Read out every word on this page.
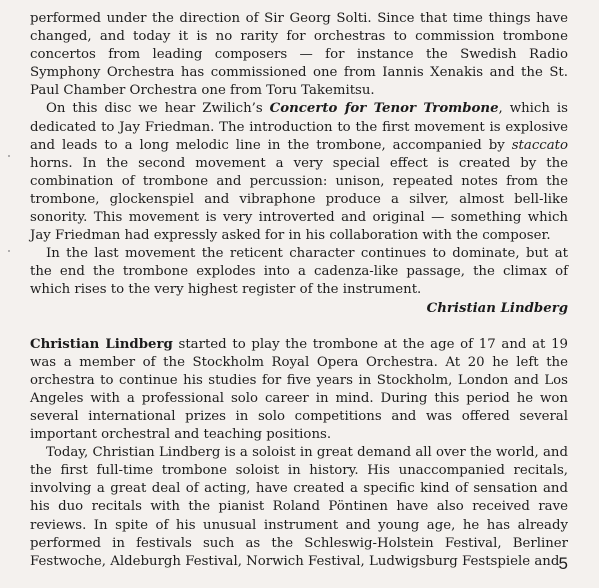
performed under the direction of Sir Georg Solti. Since that time things have changed, and today it is no rarity for orchestras to commission trombone concertos from leading composers — for instance the Swedish Radio Symphony Orchestra has commissioned one from Iannis Xenakis and the St. Paul Chamber Orchestra one from Toru Takemitsu.

On this disc we hear Zwilich’s Concerto for Tenor Trombone, which is dedicated to Jay Friedman. The introduction to the first movement is explosive and leads to a long melodic line in the trombone, accompanied by staccato horns. In the second movement a very special effect is created by the combination of trombone and percussion: unison, repeated notes from the trombone, glockenspiel and vibraphone produce a silver, almost bell-like sonority. This movement is very introverted and original — something which Jay Friedman had expressly asked for in his collaboration with the composer.

In the last movement the reticent character continues to dominate, but at the end the trombone explodes into a cadenza-like passage, the climax of which rises to the very highest register of the instrument.

Christian Lindberg

Christian Lindberg started to play the trombone at the age of 17 and at 19 was a member of the Stockholm Royal Opera Orchestra. At 20 he left the orchestra to continue his studies for five years in Stockholm, London and Los Angeles with a professional solo career in mind. During this period he won several international prizes in solo competitions and was offered several important orchestral and teaching positions.

Today, Christian Lindberg is a soloist in great demand all over the world, and the first full-time trombone soloist in history. His unaccompanied recitals, involving a great deal of acting, have created a specific kind of sensation and his duo recitals with the pianist Roland Pöntinen have also received rave reviews. In spite of his unusual instrument and young age, he has already performed in festivals such as the Schleswig-Holstein Festival, Berliner Festwoche, Aldeburgh Festival, Norwich Festival, Ludwigsburg Festspiele and 5
